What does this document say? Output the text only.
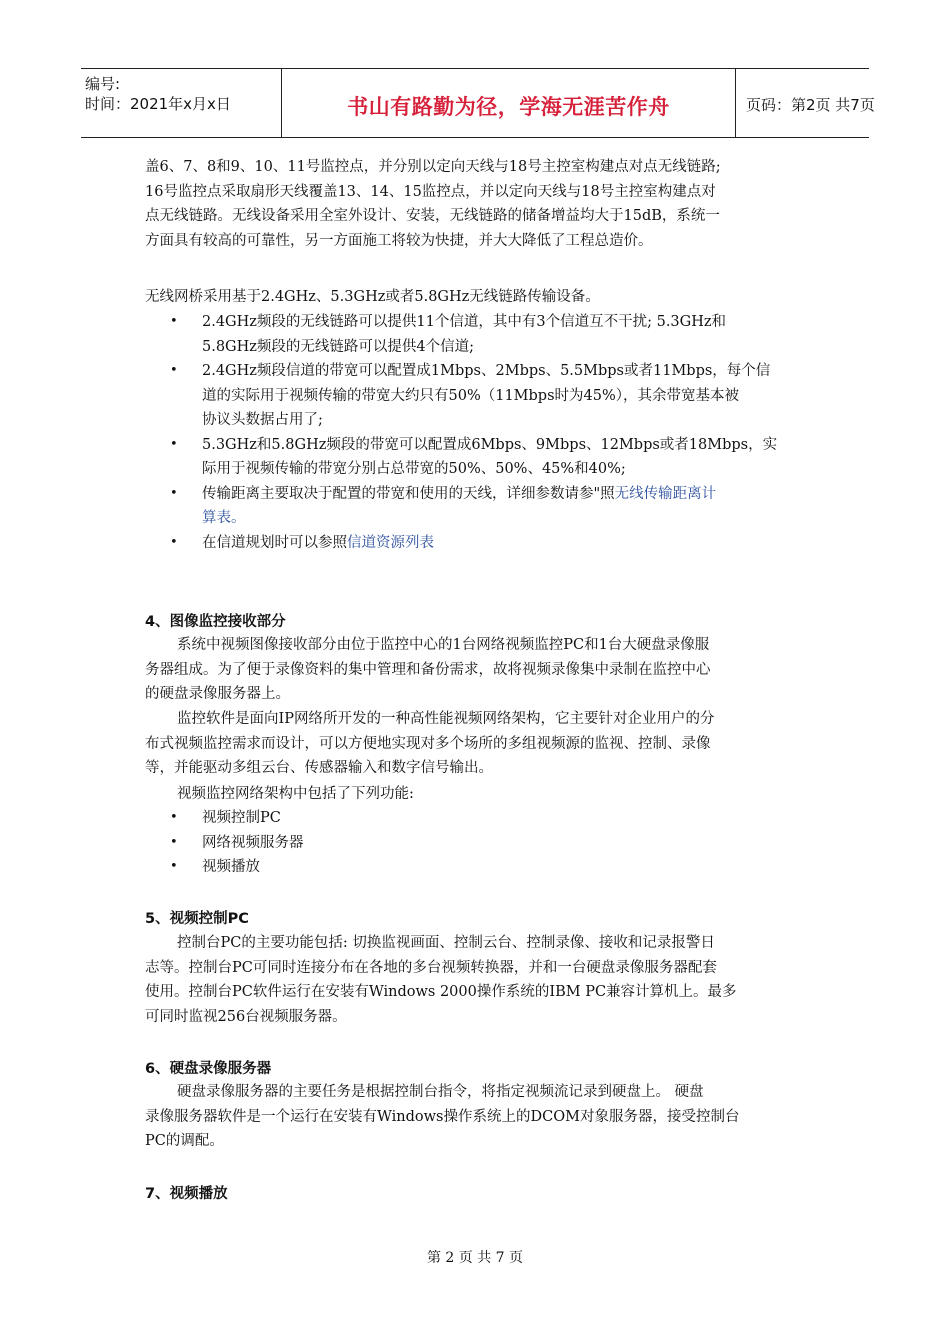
编号:
时间：2021年x月x日	书山有路勤为径，学海无涯苦作舟	页码：第2页 共7页
盖6、7、8和9、10、11号监控点，并分别以定向天线与18号主控室构建点对点无线链路;
16号监控点采取扇形天线覆盖13、14、15监控点，并以定向天线与18号主控室构建点对
点无线链路。无线设备采用全室外设计、安装，无线链路的储备增益均大于15dB，系统一
方面具有较高的可靠性，另一方面施工将较为快捷，并大大降低了工程总造价。
无线网桥采用基于2.4GHz、5.3GHz或者5.8GHz无线链路传输设备。
• 2.4GHz频段的无线链路可以提供11个信道，其中有3个信道互不干扰; 5.3GHz和
5.8GHz频段的无线链路可以提供4个信道;
• 2.4GHz频段信道的带宽可以配置成1Mbps、2Mbps、5.5Mbps或者11Mbps，每个信
道的实际用于视频传输的带宽大约只有50%（11Mbps时为45%），其余带宽基本被
协议头数据占用了;
• 5.3GHz和5.8GHz频段的带宽可以配置成6Mbps、9Mbps、12Mbps或者18Mbps，实
际用于视频传输的带宽分别占总带宽的50%、50%、45%和40%;
• 传输距离主要取决于配置的带宽和使用的天线，详细参数请参"照无线传输距离计
算表。
• 在信道规划时可以参照信道资源列表
4、图像监控接收部分
系统中视频图像接收部分由位于监控中心的1台网络视频监控PC和1台大硬盘录像服
务器组成。为了便于录像资料的集中管理和备份需求，故将视频录像集中录制在监控中心
的硬盘录像服务器上。
监控软件是面向IP网络所开发的一种高性能视频网络架构，它主要针对企业用户的分
布式视频监控需求而设计，可以方便地实现对多个场所的多组视频源的监视、控制、录像
等，并能驱动多组云台、传感器输入和数字信号输出。
视频监控网络架构中包括了下列功能:
• 视频控制PC
• 网络视频服务器
• 视频播放
5、视频控制PC
控制台PC的主要功能包括: 切换监视画面、控制云台、控制录像、接收和记录报警日
志等。控制台PC可同时连接分布在各地的多台视频转换器，并和一台硬盘录像服务器配套
使用。控制台PC软件运行在安装有Windows 2000操作系统的IBM PC兼容计算机上。最多
可同时监视256台视频服务器。
6、硬盘录像服务器
硬盘录像服务器的主要任务是根据控制台指令，将指定视频流记录到硬盘上。 硬盘
录像服务器软件是一个运行在安装有Windows操作系统上的DCOM对象服务器，接受控制台
PC的调配。
7、视频播放
第 2 页 共 7 页
